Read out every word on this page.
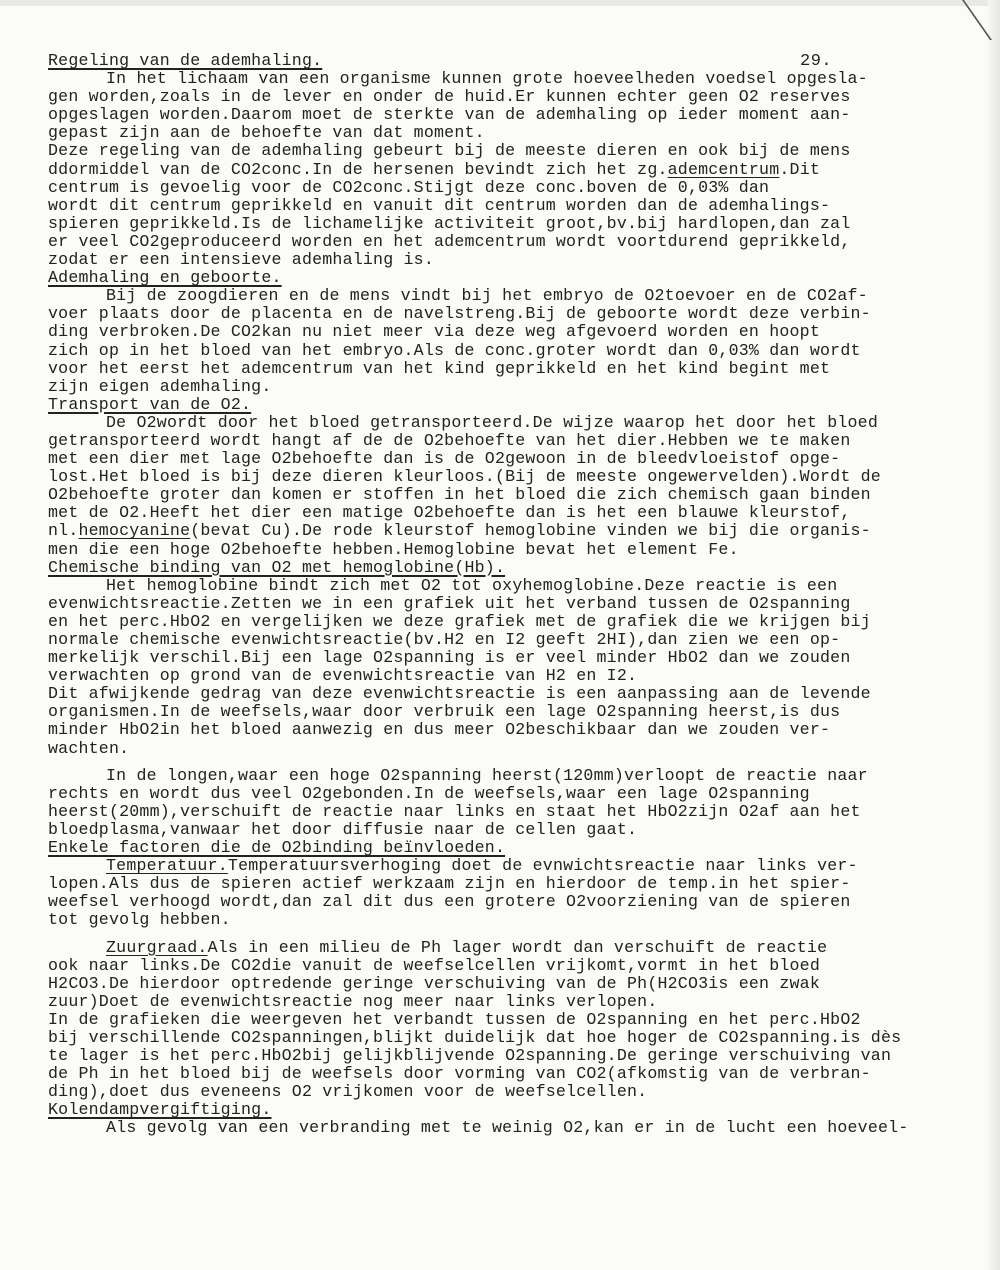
29.
Regeling van de ademhaling.
In het lichaam van een organisme kunnen grote hoeveelheden voedsel opgesla-
gen worden,zoals in de lever en onder de huid.Er kunnen echter geen O2 reserves
opgeslagen worden.Daarom moet de sterkte van de ademhaling op ieder moment aan-
gepast zijn aan de behoefte van dat moment.
Deze regeling van de ademhaling gebeurt bij de meeste dieren en ook bij de mens
ddormiddel van de CO2conc.In de hersenen bevindt zich het zg.ademcentrum.Dit
centrum is gevoelig voor de CO2conc.Stijgt deze conc.boven de 0,03% dan
wordt dit centrum geprikkeld en vanuit dit centrum worden dan de ademhalings-
spieren geprikkeld.Is de lichamelijke activiteit groot,bv.bij hardlopen,dan zal
er veel CO2geproduceerd worden en het ademcentrum wordt voortdurend geprikkeld,
zodat er een intensieve ademhaling is.
Ademhaling en geboorte.
Bij de zoogdieren en de mens vindt bij het embryo de O2toevoer en de CO2af-
voer plaats door de placenta en de navelstreng.Bij de geboorte wordt deze verbin-
ding verbroken.De CO2kan nu niet meer via deze weg afgevoerd worden en hoopt
zich op in het bloed van het embryo.Als de conc.groter wordt dan 0,03% dan wordt
voor het eerst het ademcentrum van het kind geprikkeld en het kind begint met
zijn eigen ademhaling.
Transport van de O2.
De O2wordt door het bloed getransporteerd.De wijze waarop het door het bloed
getransporteerd wordt hangt af de de O2behoefte van het dier.Hebben we te maken
met een dier met lage O2behoefte dan is de O2gewoon in de bleedvloeistof opge-
lost.Het bloed is bij deze dieren kleurloos.(Bij de meeste ongewervelden).Wordt de
O2behoefte groter dan komen er stoffen in het bloed die zich chemisch gaan binden
met de O2.Heeft het dier een matige O2behoefte dan is het een blauwe kleurstof,
nl.hemocyanine(bevat Cu).De rode kleurstof hemoglobine vinden we bij die organis-
men die een hoge O2behoefte hebben.Hemoglobine bevat het element Fe.
Chemische binding van O2 met hemoglobine(Hb).
Het hemoglobine bindt zich met O2 tot oxyhemoglobine.Deze reactie is een
evenwichtsreactie.Zetten we in een grafiek uit het verband tussen de O2spanning
en het perc.HbO2 en vergelijken we deze grafiek met de grafiek die we krijgen bij
normale chemische evenwichtsreactie(bv.H2 en I2 geeft 2HI),dan zien we een op-
merkelijk verschil.Bij een lage O2spanning is er veel minder HbO2 dan we zouden
verwachten op grond van de evenwichtsreactie van H2 en I2.
Dit afwijkende gedrag van deze evenwichtsreactie is een aanpassing aan de levende
organismen.In de weefsels,waar door verbruik een lage O2spanning heerst,is dus
minder HbO2in het bloed aanwezig en dus meer O2beschikbaar dan we zouden ver-
wachten.
In de longen,waar een hoge O2spanning heerst(120mm)verloopt de reactie naar
rechts en wordt dus veel O2gebonden.In de weefsels,waar een lage O2spanning
heerst(20mm),verschuift de reactie naar links en staat het HbO2zijn O2af aan het
bloedplasma,vanwaar het door diffusie naar de cellen gaat.
Enkele factoren die de O2binding beïnvloeden.
Temperatuur.Temperatuursverhoging doet de evnwichtsreactie naar links ver-
lopen.Als dus de spieren actief werkzaam zijn en hierdoor de temp.in het spier-
weefsel verhoogd wordt,dan zal dit dus een grotere O2voorziening van de spieren
tot gevolg hebben.
Zuurgraad.Als in een milieu de Ph lager wordt dan verschuift de reactie
ook naar links.De CO2die vanuit de weefselcellen vrijkomt,vormt in het bloed
H2CO3.De hierdoor optredende geringe verschuiving van de Ph(H2CO3is een zwak
zuur)Doet de evenwichtsreactie nog meer naar links verlopen.
In de grafieken die weergeven het verbandt tussen de O2spanning en het perc.HbO2
bij verschillende CO2spanningen,blijkt duidelijk dat hoe hoger de CO2spanning.is dès
te lager is het perc.HbO2bij gelijkblijvende O2spanning.De geringe verschuiving van
de Ph in het bloed bij de weefsels door vorming van CO2(afkomstig van de verbran-
ding),doet dus eveneens O2 vrijkomen voor de weefselcellen.
Kolendampvergiftiging.
Als gevolg van een verbranding met te weinig O2,kan er in de lucht een hoeveel-
